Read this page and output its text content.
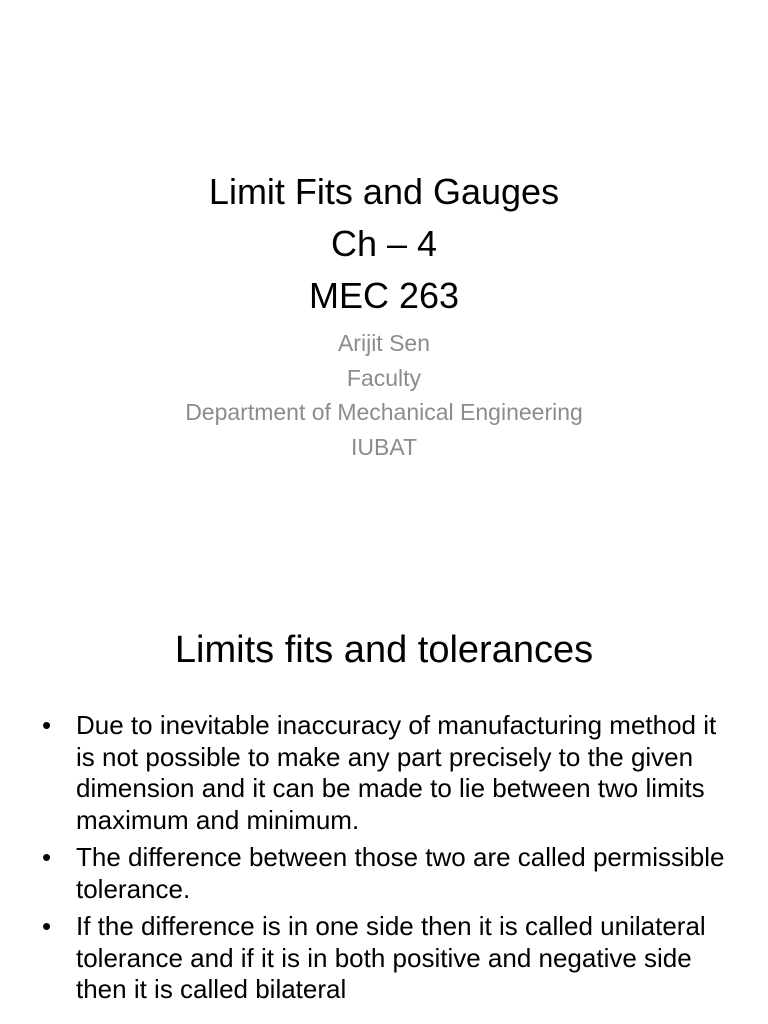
Limit Fits and Gauges
Ch – 4
MEC 263
Arijit Sen
Faculty
Department of Mechanical Engineering
IUBAT
Limits fits and tolerances
• Due to inevitable inaccuracy of manufacturing method it is not possible to make any part precisely to the given dimension and it can be made to lie between two limits maximum and minimum.
• The difference between those two are called permissible tolerance.
• If the difference is in one side then it is called unilateral tolerance and if it is in both positive and negative side then it is called bilateral
